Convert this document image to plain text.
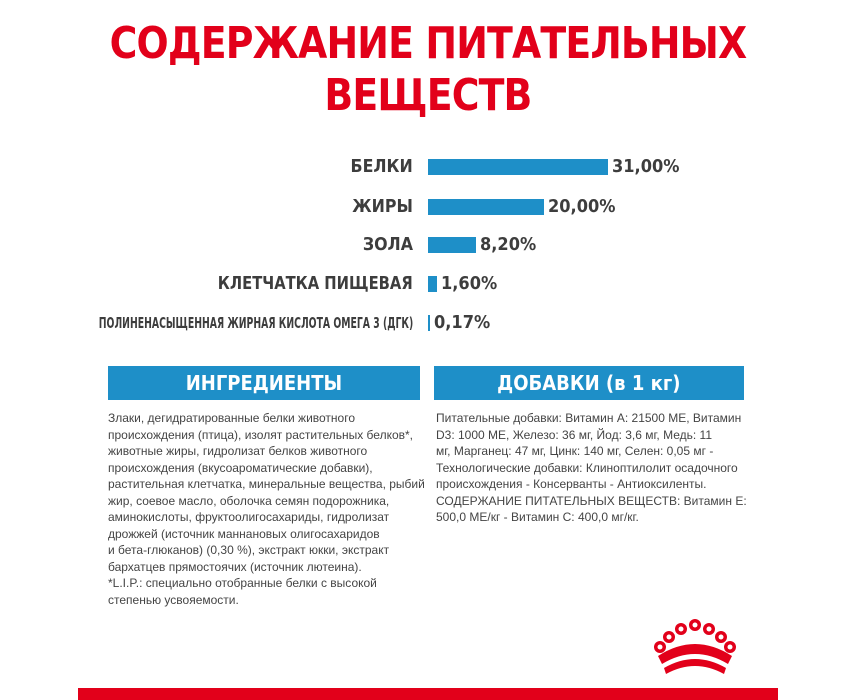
СОДЕРЖАНИЕ ПИТАТЕЛЬНЫХ
ВЕЩЕСТВ
БЕЛКИ	31,00%
ЖИРЫ	20,00%
ЗОЛА	8,20%
КЛЕТЧАТКА ПИЩЕВАЯ 1,60%
ПОЛИНЕНАСЫЩЕННАЯ ЖИРНАЯ КИСЛОТА ОМЕГА 3 (ДГК) 0,17%
ИНГРЕДИЕНТЫ
Злаки, дегидратированные белки животного
происхождения (птица), изолят растительных белков*,
животные жиры, гидролизат белков животного
происхождения (вкусоароматические добавки),
растительная клетчатка, минеральные вещества, рыбий
жир, соевое масло, оболочка семян подорожника,
аминокислоты, фруктоолигосахариды, гидролизат
дрожжей (источник маннановых олигосахаридов
и бета-глюканов) (0,30 %), экстракт юкки, экстракт
бархатцев прямостоячих (источник лютеина).
*L.I.P.: специально отобранные белки с высокой
степенью усвояемости.
ДОБАВКИ (в 1 кг)
Питательные добавки: Витамин А: 21500 МЕ, Витамин
D3: 1000 МЕ, Железо: 36 мг, Йод: 3,6 мг, Медь: 11
мг, Марганец: 47 мг, Цинк: 140 мг, Селен: 0,05 мг -
Технологические добавки: Клиноптилолит осадочного
происхождения - Консерванты - Антиоксиленты.
СОДЕРЖАНИЕ ПИТАТЕЛЬНЫХ ВЕЩЕСТВ: Витамин Е:
500,0 МЕ/кг - Витамин С: 400,0 мг/кг.
